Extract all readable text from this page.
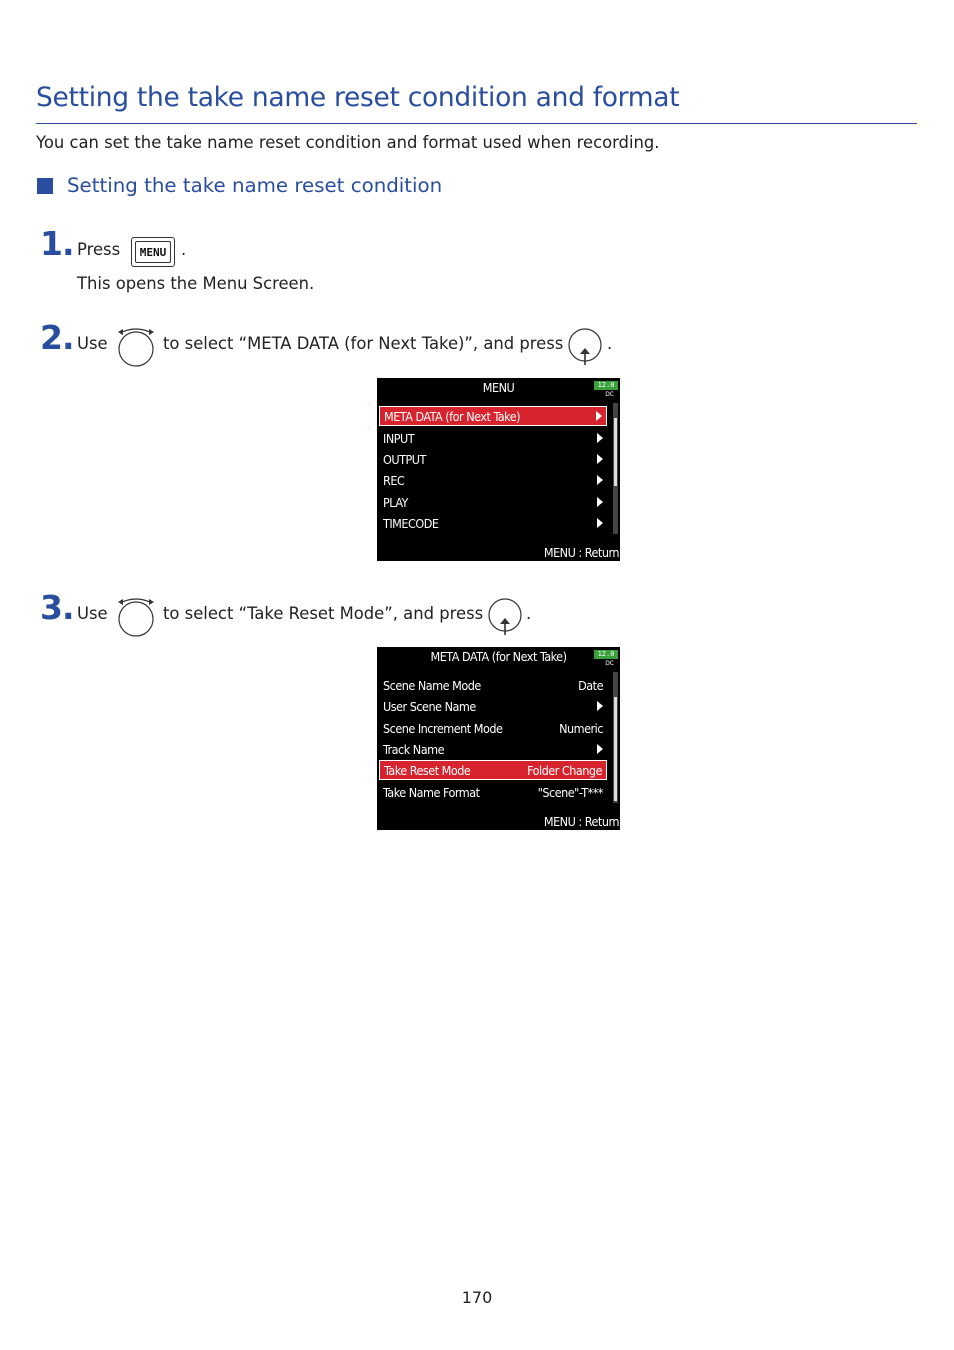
Setting the take name reset condition and format
You can set the take name reset condition and format used when recording.
Setting the take name reset condition
1. Press	MENU .
This opens the Menu Screen.
2. Use	to select “META DATA (for Next Take)”, and press	.
MENU	12.0
DC
META DATA (for Next Take)
INPUT
OUTPUT
REC
PLAY
TIMECODE
MENU : Return
3. Use	to select “Take Reset Mode”, and press	.
META DATA (for Next Take)	12.0
DC
Scene Name Mode	Date
User Scene Name
Scene Increment Mode	Numeric
Track Name
Take Reset Mode	Folder Change
Take Name Format	"Scene"-T***
MENU : Return
170
